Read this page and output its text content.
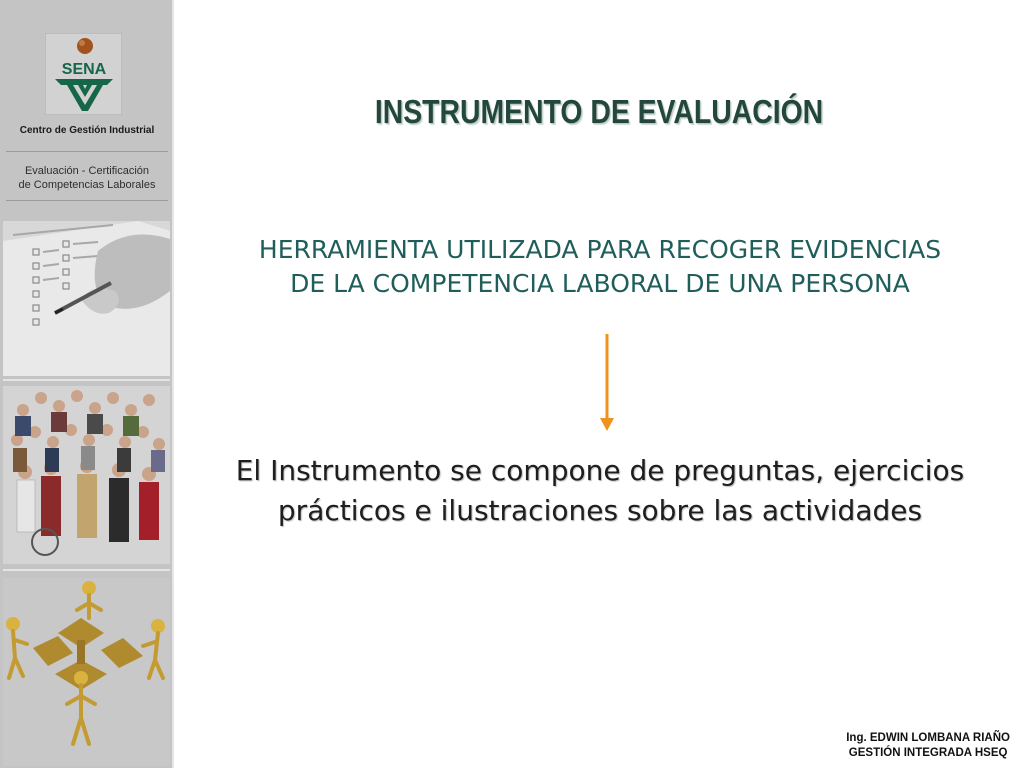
SENA
Centro de Gestión Industrial
Evaluación - Certificación
de Competencias Laborales
INSTRUMENTO DE EVALUACIÓN
HERRAMIENTA UTILIZADA PARA RECOGER EVIDENCIAS
DE LA COMPETENCIA LABORAL DE UNA PERSONA
El Instrumento se compone de preguntas, ejercicios
prácticos e ilustraciones sobre las actividades
Ing. EDWIN LOMBANA RIAÑO
GESTIÓN INTEGRADA HSEQ
